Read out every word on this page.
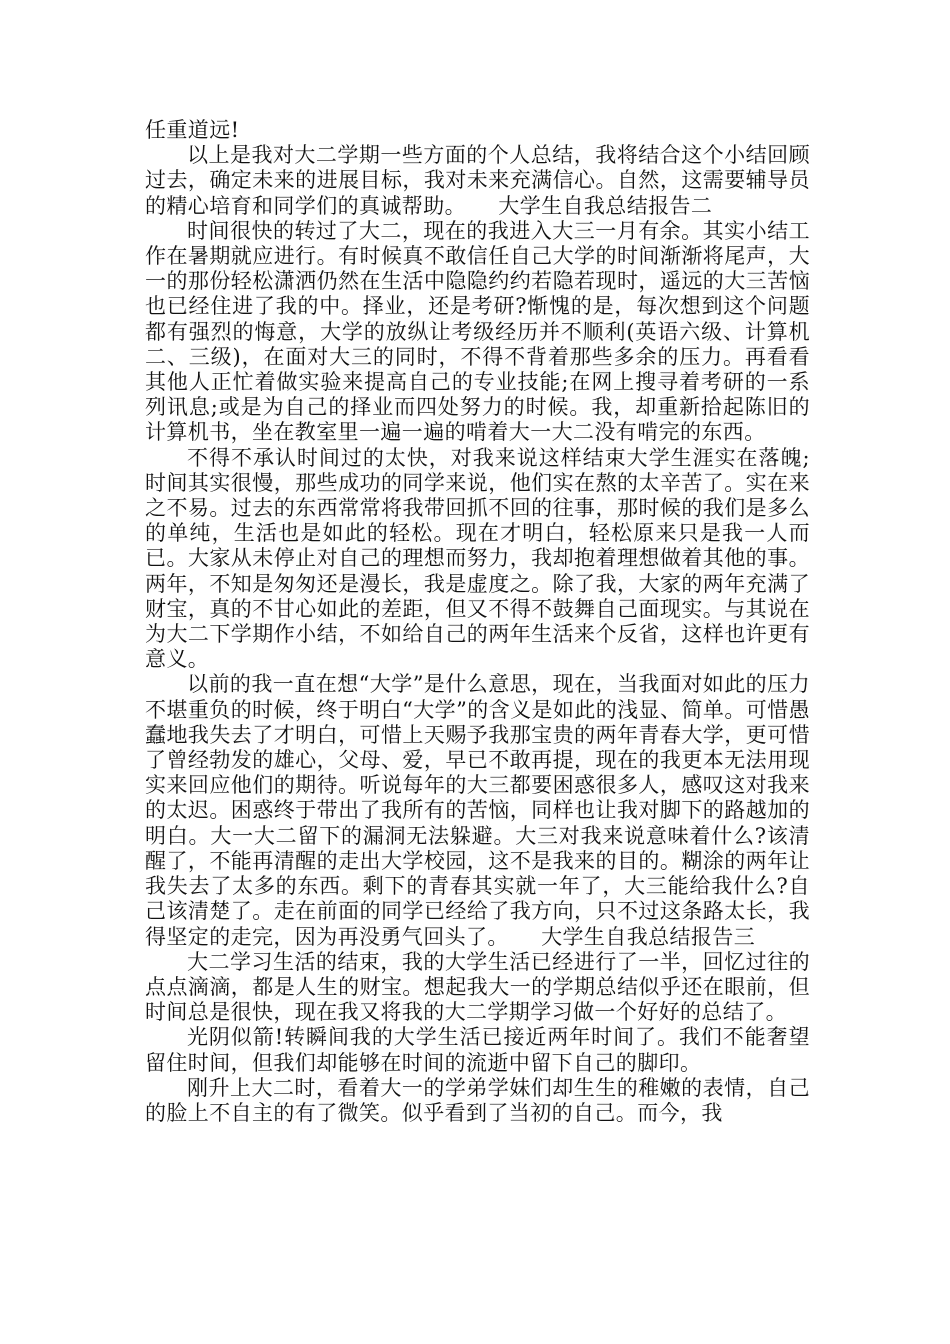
任重道远!

以上是我对大二学期一些方面的个人总结，我将结合这个小结回顾过去，确定未来的进展目标，我对未来充满信心。自然，这需要辅导员的精心培育和同学们的真诚帮助。　　大学生自我总结报告二

时间很快的转过了大二，现在的我进入大三一月有余。其实小结工作在暑期就应进行。有时候真不敢信任自己大学的时间渐渐将尾声，大一的那份轻松潇洒仍然在生活中隐隐约约若隐若现时，遥远的大三苦恼也已经住进了我的中。择业，还是考研?惭愧的是，每次想到这个问题都有强烈的悔意，大学的放纵让考级经历并不顺利(英语六级、计算机二、三级)，在面对大三的同时，不得不背着那些多余的压力。再看看其他人正忙着做实验来提高自己的专业技能;在网上搜寻着考研的一系列讯息;或是为自己的择业而四处努力的时候。我，却重新拾起陈旧的计算机书，坐在教室里一遍一遍的啃着大一大二没有啃完的东西。

不得不承认时间过的太快，对我来说这样结束大学生涯实在落魄;时间其实很慢，那些成功的同学来说，他们实在熬的太辛苦了。实在来之不易。过去的东西常常将我带回抓不回的往事，那时候的我们是多么的单纯，生活也是如此的轻松。现在才明白，轻松原来只是我一人而已。大家从未停止对自己的理想而努力，我却抱着理想做着其他的事。两年，不知是匆匆还是漫长，我是虚度之。除了我，大家的两年充满了财宝，真的不甘心如此的差距，但又不得不鼓舞自己面现实。与其说在为大二下学期作小结，不如给自己的两年生活来个反省，这样也许更有意义。

以前的我一直在想“大学”是什么意思，现在，当我面对如此的压力不堪重负的时候，终于明白“大学”的含义是如此的浅显、简单。可惜愚蠢地我失去了才明白，可惜上天赐予我那宝贵的两年青春大学，更可惜了曾经勃发的雄心，父母、爱，早已不敢再提，现在的我更本无法用现实来回应他们的期待。听说每年的大三都要困惑很多人，感叹这对我来的太迟。困惑终于带出了我所有的苦恼，同样也让我对脚下的路越加的明白。大一大二留下的漏洞无法躲避。大三对我来说意味着什么?该清醒了，不能再清醒的走出大学校园，这不是我来的目的。糊涂的两年让我失去了太多的东西。剩下的青春其实就一年了，大三能给我什么?自己该清楚了。走在前面的同学已经给了我方向，只不过这条路太长，我得坚定的走完，因为再没勇气回头了。　　大学生自我总结报告三

大二学习生活的结束，我的大学生活已经进行了一半，回忆过往的点点滴滴，都是人生的财宝。想起我大一的学期总结似乎还在眼前，但时间总是很快，现在我又将我的大二学期学习做一个好好的总结了。

光阴似箭!转瞬间我的大学生活已接近两年时间了。我们不能奢望留住时间，但我们却能够在时间的流逝中留下自己的脚印。

刚升上大二时，看着大一的学弟学妹们却生生的稚嫩的表情，自己的脸上不自主的有了微笑。似乎看到了当初的自己。而今，我
